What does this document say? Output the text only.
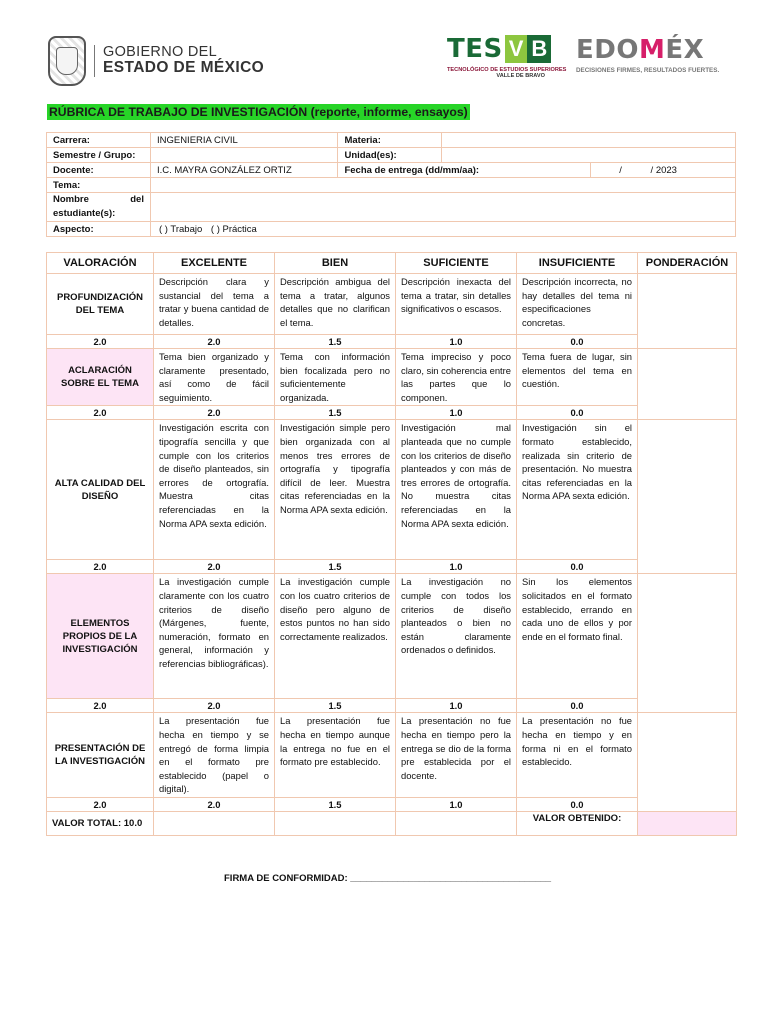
GOBIERNO DEL
ESTADO DE MÉXICO
TES V B
TECNOLÓGICO DE ESTUDIOS SUPERIORES
VALLE DE BRAVO
EDOMÉX
DECISIONES FIRMES, RESULTADOS FUERTES.
RÚBRICA DE TRABAJO DE INVESTIGACIÓN (reporte, informe, ensayos)
Carrera:	INGENIERIA CIVIL	Materia:		
Semestre / Grupo:		Unidad(es):		
Docente:	I.C. MAYRA GONZÁLEZ ORTIZ	Fecha de entrega (dd/mm/aa):		/ / 2023
Tema:				

Nombre del
estudiante(s):				

Aspecto:	( ) Trabajo ( ) Práctica			
VALORACIÓN	EXCELENTE	BIEN	SUFICIENTE	INSUFICIENTE	PONDERACIÓN
PROFUNDIZACIÓN DEL TEMA	Descripción clara y sustancial del tema a tratar y buena cantidad de detalles.	Descripción ambigua del tema a tratar, algunos detalles que no clarifican el tema.	Descripción inexacta del tema a tratar, sin detalles significativos o escasos.	Descripción incorrecta, no hay detalles del tema ni especificaciones concretas.	
2.0	2.0	1.5	1.0	0.0	
ACLARACIÓN SOBRE EL TEMA	Tema bien organizado y claramente presentado, así como de fácil seguimiento.	Tema con información bien focalizada pero no suficientemente organizada.	Tema impreciso y poco claro, sin coherencia entre las partes que lo componen.	Tema fuera de lugar, sin elementos del tema en cuestión.	
2.0	2.0	1.5	1.0	0.0	
ALTA CALIDAD DEL DISEÑO	Investigación escrita con tipografía sencilla y que cumple con los criterios de diseño planteados, sin errores de ortografía. Muestra citas referenciadas en la Norma APA sexta edición.	Investigación simple pero bien organizada con al menos tres errores de ortografía y tipografía difícil de leer. Muestra citas referenciadas en la Norma APA sexta edición.	Investigación mal planteada que no cumple con los criterios de diseño planteados y con más de tres errores de ortografía. No muestra citas referenciadas en la Norma APA sexta edición.	Investigación sin el formato establecido, realizada sin criterio de presentación. No muestra citas referenciadas en la Norma APA sexta edición.	
2.0	2.0	1.5	1.0	0.0	
ELEMENTOS PROPIOS DE LA INVESTIGACIÓN	La investigación cumple claramente con los cuatro criterios de diseño (Márgenes, fuente, numeración, formato en general, información y referencias bibliográficas).	La investigación cumple con los cuatro criterios de diseño pero alguno de estos puntos no han sido correctamente realizados.	La investigación no cumple con todos los criterios de diseño planteados o bien no están claramente ordenados o definidos.	Sin los elementos solicitados en el formato establecido, errando en cada uno de ellos y por ende en el formato final.	
2.0	2.0	1.5	1.0	0.0	
PRESENTACIÓN DE LA INVESTIGACIÓN	La presentación fue hecha en tiempo y se entregó de forma limpia en el formato pre establecido (papel o digital).	La presentación fue hecha en tiempo aunque la entrega no fue en el formato pre establecido.	La presentación no fue hecha en tiempo pero la entrega se dio de la forma pre establecida por el docente.	La presentación no fue hecha en tiempo y en forma ni en el formato establecido.	
2.0	2.0	1.5	1.0	0.0	
VALOR TOTAL: 10.0				VALOR OBTENIDO:	
FIRMA DE CONFORMIDAD: ______________________________________
